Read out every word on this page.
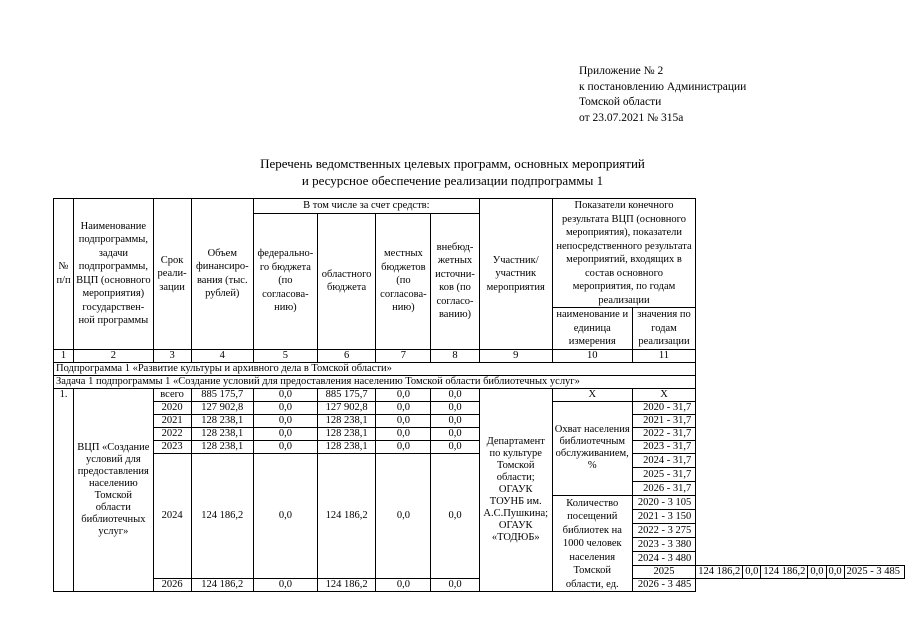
Приложение № 2
к постановлению Администрации
Томской области
от 23.07.2021 № 315а
Перечень ведомственных целевых программ, основных мероприятий
и ресурсное обеспечение реализации подпрограммы 1
№ п/п	Наименование подпрограммы, задачи подпрограммы, ВЦП (основного мероприятия) государствен-ной программы	Срок реали-зации	Объем финансиро-вания (тыс. рублей)	В том числе за счет средств:				Участник/ участник мероприятия	Показатели конечного результата ВЦП (основного мероприятия), показатели непосредственного результата мероприятий, входящих в состав основного мероприятия, по годам реализации							
				федерально-го бюджета (по согласова-нию)	областного бюджета	местных бюджетов (по согласова-нию)	внебюд-жетных источни-ков (по согласо-ванию)									
									наименование и единица измерения	значения по годам реализации						
1	2	3	4	5	6	7	8	9	10	11						
Подпрограмма 1 «Развитие культуры и архивного дела в Томской области»																
Задача 1 подпрограммы 1 «Создание условий для предоставления населению Томской области библиотечных услуг»																
1.	ВЦП «Создание условий для предоставления населению Томской области библиотечных услуг»	всего	885 175,7	0,0	885 175,7	0,0	0,0	Департамент по культуре Томской области; ОГАУК ТОУНБ им. А.С.Пушкина; ОГАУК «ТОДЮБ»	X	X						
		2020	127 902,8	0,0	127 902,8	0,0	0,0		Охват населения библиотечным обслуживанием, %	2020 - 31,7						
		2021	128 238,1	0,0	128 238,1	0,0	0,0			2021 - 31,7						
		2022	128 238,1	0,0	128 238,1	0,0	0,0			2022 - 31,7						
		2023	128 238,1	0,0	128 238,1	0,0	0,0			2023 - 31,7						
		2024	124 186,2	0,0	124 186,2	0,0	0,0			2024 - 31,7						
										2025 - 31,7						
										2026 - 31,7						
									Количество посещений библиотек на 1000 человек населения Томской области, ед.	2020 - 3 105						
										2021 - 3 150						
										2022 - 3 275						
										2023 - 3 380						
										2024 - 3 480						
										2025	124 186,2	0,0	124 186,2	0,0	0,0	2025 - 3 485
		2026	124 186,2	0,0	124 186,2	0,0	0,0			2026 - 3 485						
